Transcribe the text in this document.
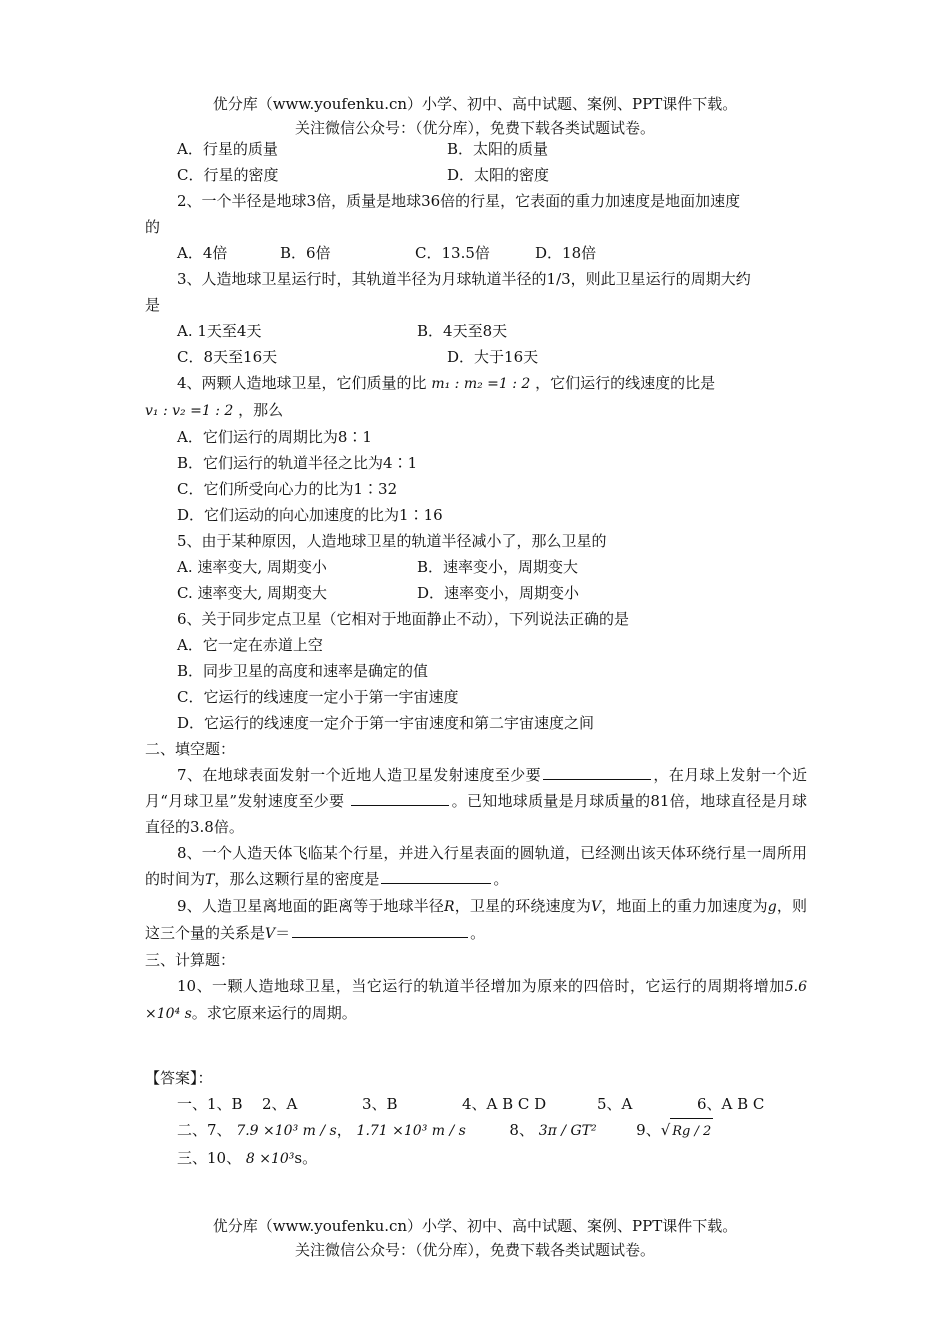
优分库（www.youfenku.cn）小学、初中、高中试题、案例、PPT课件下载。
关注微信公众号：（优分库），免费下载各类试题试卷。
A．行星的质量	B．太阳的质量
C．行星的密度	D．太阳的密度
2、一个半径是地球3倍，质量是地球36倍的行星，它表面的重力加速度是地面加速度
的
A．4倍	B．6倍	C．13.5倍	D．18倍
3、人造地球卫星运行时，其轨道半径为月球轨道半径的1/3，则此卫星运行的周期大约
是
A. 1天至4天	B．4天至8天
C．8天至16天	D．大于16天
4、两颗人造地球卫星，它们质量的比 m₁ : m₂ =1 : 2 ，它们运行的线速度的比是
v₁ : v₂ =1 : 2 ，那么
A．它们运行的周期比为8∶1
B．它们运行的轨道半径之比为4∶1
C．它们所受向心力的比为1∶32
D．它们运动的向心加速度的比为1∶16
5、由于某种原因，人造地球卫星的轨道半径减小了，那么卫星的
A. 速率变大, 周期变小	B．速率变小，周期变大
C. 速率变大, 周期变大	D．速率变小，周期变小
6、关于同步定点卫星（它相对于地面静止不动），下列说法正确的是
A．它一定在赤道上空
B．同步卫星的高度和速率是确定的值
C．它运行的线速度一定小于第一宇宙速度
D．它运行的线速度一定介于第一宇宙速度和第二宇宙速度之间
二、填空题：
7、在地球表面发射一个近地人造卫星发射速度至少要	，在月球上发射一个近月“月球卫星”发射速度至少要	。已知地球质量是月球质量的81倍，地球直径是月球直径的3.8倍。
8、一个人造天体飞临某个行星，并进入行星表面的圆轨道，已经测出该天体环绕行星一周所用的时间为T，那么这颗行星的密度是	。
9、人造卫星离地面的距离等于地球半径R，卫星的环绕速度为V，地面上的重力加速度为g，则这三个量的关系是V＝	。
三、计算题：
10、一颗人造地球卫星，当它运行的轨道半径增加为原来的四倍时，它运行的周期将增加5.6 ×10⁴ s。求它原来运行的周期。
【答案】：
一、1、B	2、A	3、B	4、A B C D	5、A	6、A B C
二、7、 7.9 ×10³ m / s， 1.71 ×10³ m / s	8、 3π / GT²	9、√ Rg / 2
三、10、 8 ×10³s。
优分库（www.youfenku.cn）小学、初中、高中试题、案例、PPT课件下载。
关注微信公众号：（优分库），免费下载各类试题试卷。
